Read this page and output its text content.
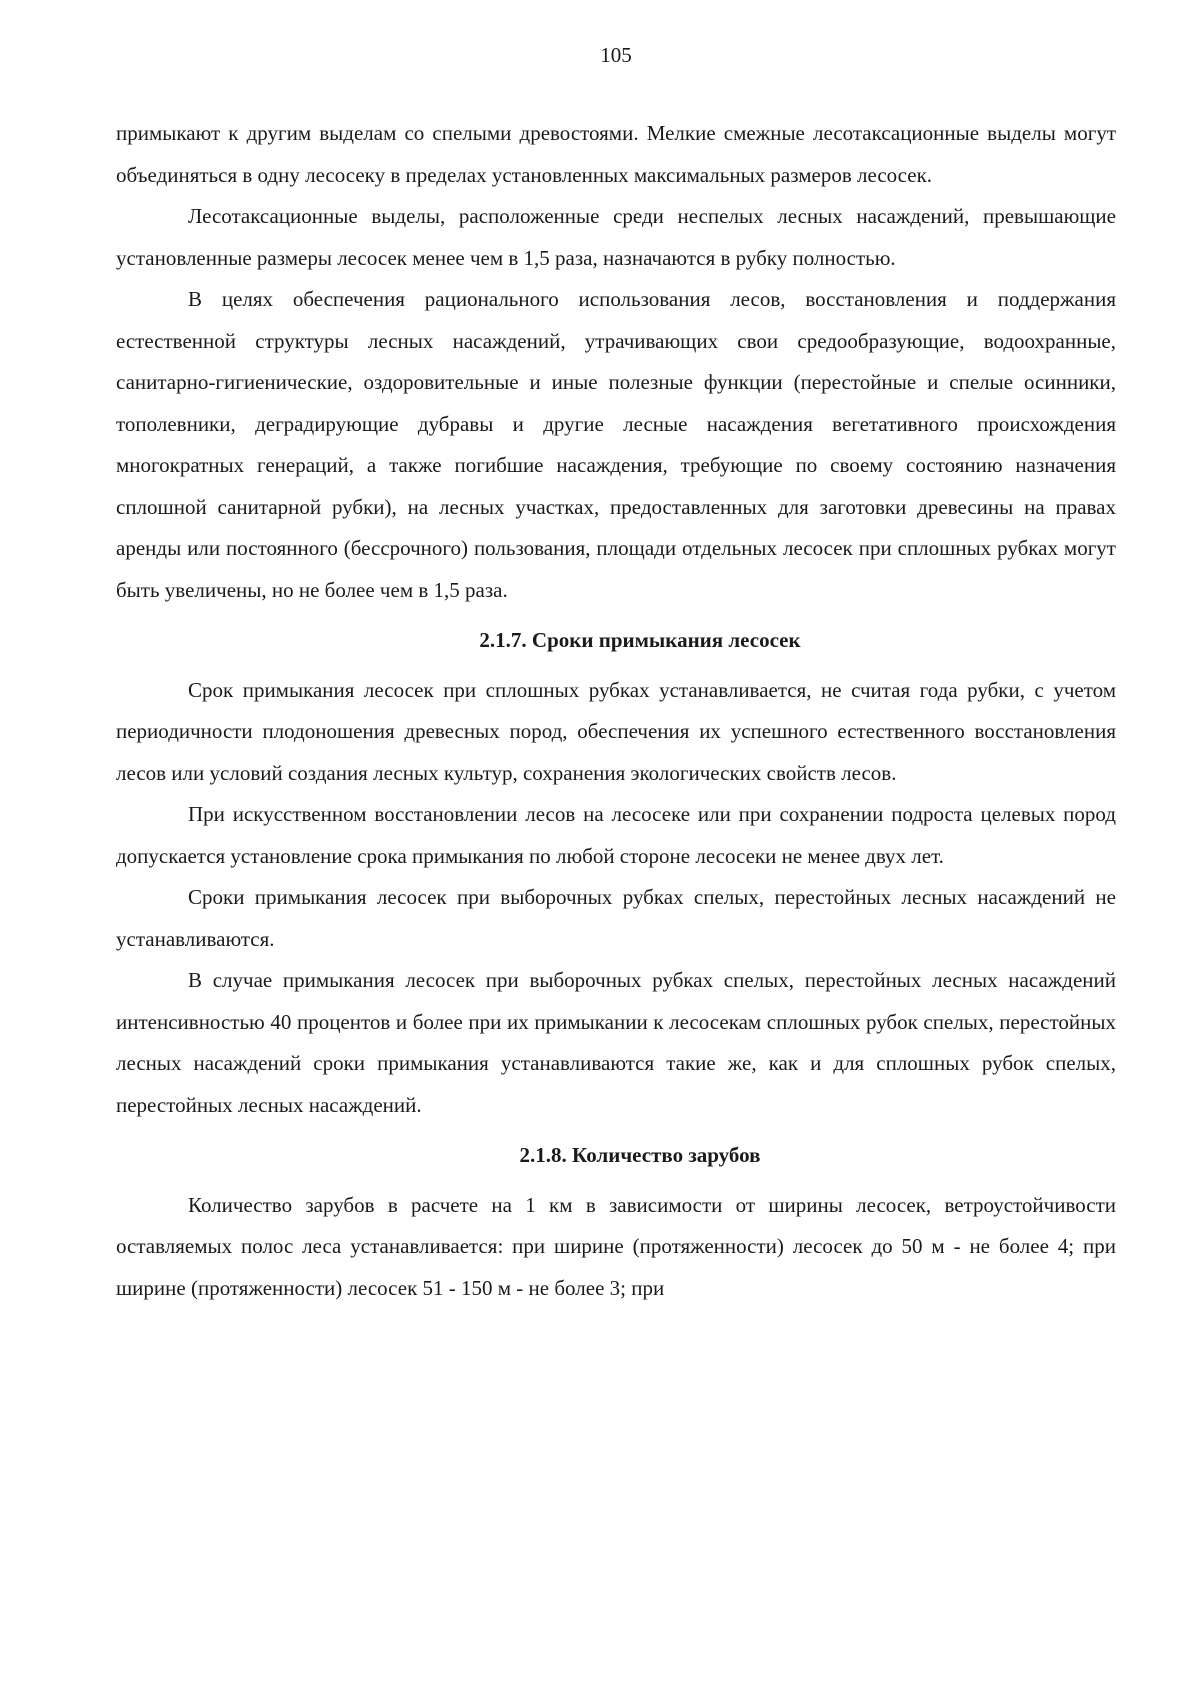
105

примыкают к другим выделам со спелыми древостоями. Мелкие смежные лесотаксационные выделы могут объединяться в одну лесосеку в пределах установленных максимальных размеров лесосек.

Лесотаксационные выделы, расположенные среди неспелых лесных насаждений, превышающие установленные размеры лесосек менее чем в 1,5 раза, назначаются в рубку полностью.

В целях обеспечения рационального использования лесов, восстановления и поддержания естественной структуры лесных насаждений, утрачивающих свои средообразующие, водоохранные, санитарно-гигиенические, оздоровительные и иные полезные функции (перестойные и спелые осинники, тополевники, деградирующие дубравы и другие лесные насаждения вегетативного происхождения многократных генераций, а также погибшие насаждения, требующие по своему состоянию назначения сплошной санитарной рубки), на лесных участках, предоставленных для заготовки древесины на правах аренды или постоянного (бессрочного) пользования, площади отдельных лесосек при сплошных рубках могут быть увеличены, но не более чем в 1,5 раза.

2.1.7. Сроки примыкания лесосек

Срок примыкания лесосек при сплошных рубках устанавливается, не считая года рубки, с учетом периодичности плодоношения древесных пород, обеспечения их успешного естественного восстановления лесов или условий создания лесных культур, сохранения экологических свойств лесов.

При искусственном восстановлении лесов на лесосеке или при сохранении подроста целевых пород допускается установление срока примыкания по любой стороне лесосеки не менее двух лет.

Сроки примыкания лесосек при выборочных рубках спелых, перестойных лесных насаждений не устанавливаются.

В случае примыкания лесосек при выборочных рубках спелых, перестойных лесных насаждений интенсивностью 40 процентов и более при их примыкании к лесосекам сплошных рубок спелых, перестойных лесных насаждений сроки примыкания устанавливаются такие же, как и для сплошных рубок спелых, перестойных лесных насаждений.

2.1.8. Количество зарубов

Количество зарубов в расчете на 1 км в зависимости от ширины лесосек, ветроустойчивости оставляемых полос леса устанавливается: при ширине (протяженности) лесосек до 50 м - не более 4; при ширине (протяженности) лесосек 51 - 150 м - не более 3; при
